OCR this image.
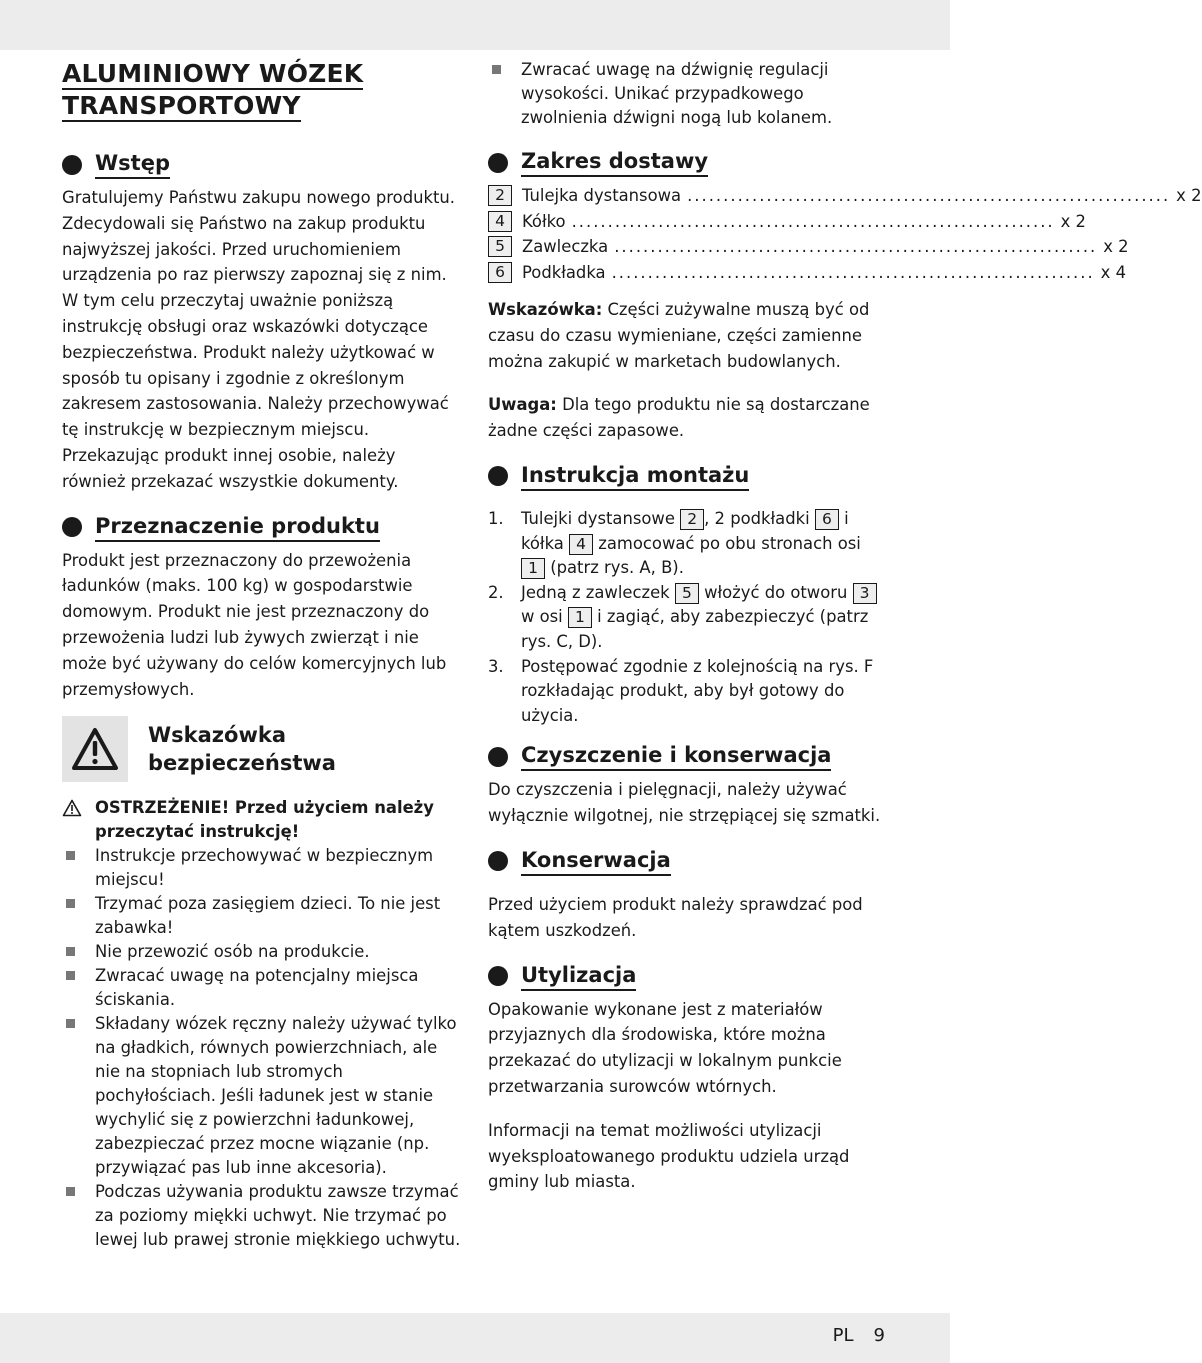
ALUMINIOWY WÓZEK
TRANSPORTOWY
Wstęp

Gratulujemy Państwu zakupu nowego produktu. Zdecydowali się Państwo na zakup produktu najwyższej jakości. Przed uruchomieniem urządzenia po raz pierwszy zapoznaj się z nim. W tym celu przeczytaj uważnie poniższą instrukcję obsługi oraz wskazówki dotyczące bezpieczeństwa. Produkt należy użytkować w sposób tu opisany i zgodnie z określonym zakresem zastosowania. Należy przechowywać tę instrukcję w bezpiecznym miejscu. Przekazując produkt innej osobie, należy również przekazać wszystkie dokumenty.

Przeznaczenie produktu

Produkt jest przeznaczony do przewożenia ładunków (maks. 100 kg) w gospodarstwie domowym. Produkt nie jest przeznaczony do przewożenia ludzi lub żywych zwierząt i nie może być używany do celów komercyjnych lub przemysłowych.

Wskazówka
bezpieczeństwa
OSTRZEŻENIE! Przed użyciem należy przeczytać instrukcję!
Instrukcje przechowywać w bezpiecznym miejscu!
Trzymać poza zasięgiem dzieci. To nie jest zabawka!
Nie przewozić osób na produkcie.
Zwracać uwagę na potencjalny miejsca ściskania.
Składany wózek ręczny należy używać tylko na gładkich, równych powierzchniach, ale nie na stopniach lub stromych pochyłościach. Jeśli ładunek jest w stanie wychylić się z powierzchni ładunkowej, zabezpieczać przez mocne wiązanie (np. przywiązać pas lub inne akcesoria).
Podczas używania produktu zawsze trzymać za poziomy miękki uchwyt. Nie trzymać po lewej lub prawej stronie miękkiego uchwytu.
Zwracać uwagę na dźwignię regulacji wysokości. Unikać przypadkowego zwolnienia dźwigni nogą lub kolanem.
Zakres dostawy
2	Tulejka dystansowa ................................................................... x 2
4	Kółko ................................................................... x 2
5	Zawleczka ................................................................... x 2
6	Podkładka ................................................................... x 4

Wskazówka: Części zużywalne muszą być od czasu do czasu wymieniane, części zamienne można zakupić w marketach budowlanych.

Uwaga: Dla tego produktu nie są dostarczane żadne części zapasowe.

Instrukcja montażu
1. Tulejki dystansowe 2 , 2 podkładki 6 i kółka 4 zamocować po obu stronach osi 1 (patrz rys. A, B).
2. Jedną z zawleczek 5 włożyć do otworu 3 w osi 1 i zagiąć, aby zabezpieczyć (patrz rys. C, D).
3. Postępować zgodnie z kolejnością na rys. F rozkładając produkt, aby był gotowy do użycia.
Czyszczenie i konserwacja

Do czyszczenia i pielęgnacji, należy używać wyłącznie wilgotnej, nie strzępiącej się szmatki.

Konserwacja

Przed użyciem produkt należy sprawdzać pod kątem uszkodzeń.

Utylizacja

Opakowanie wykonane jest z materiałów przyjaznych dla środowiska, które można przekazać do utylizacji w lokalnym punkcie przetwarzania surowców wtórnych.

Informacji na temat możliwości utylizacji wyeksploatowanego produktu udziela urząd gminy lub miasta.

PL 9
